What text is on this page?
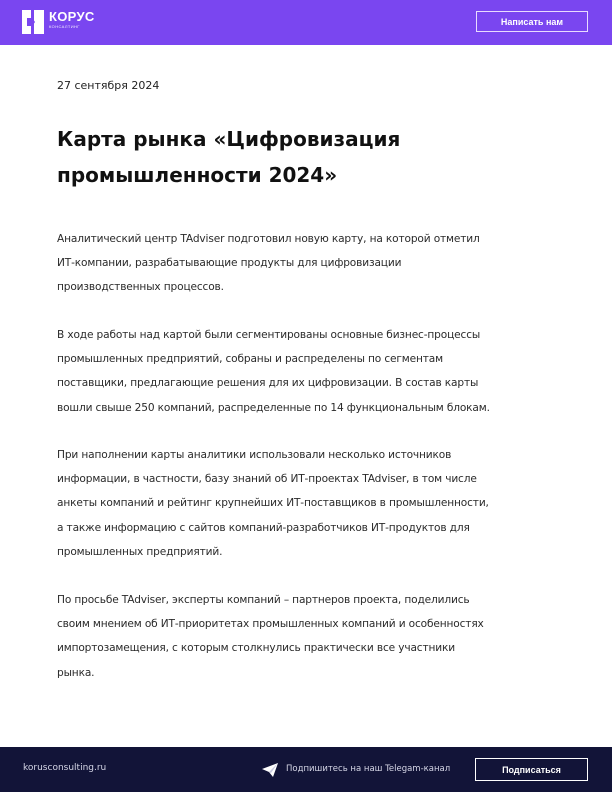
КОРУС
КОНСАЛТИНГ	Написать нам
27 сентября 2024
Карта рынка «Цифровизация
промышленности 2024»

Аналитический центр TAdviser подготовил новую карту, на которой отметил
ИТ-компании, разрабатывающие продукты для цифровизации
производственных процессов.

В ходе работы над картой были сегментированы основные бизнес-процессы
промышленных предприятий, собраны и распределены по сегментам
поставщики, предлагающие решения для их цифровизации. В состав карты
вошли свыше 250 компаний, распределенные по 14 функциональным блокам.

При наполнении карты аналитики использовали несколько источников
информации, в частности, базу знаний об ИТ-проектах TAdviser, в том числе
анкеты компаний и рейтинг крупнейших ИТ-поставщиков в промышленности,
а также информацию с сайтов компаний-разработчиков ИТ-продуктов для
промышленных предприятий.

По просьбе TAdviser, эксперты компаний – партнеров проекта, поделились
своим мнением об ИТ-приоритетах промышленных компаний и особенностях
импортозамещения, с которым столкнулись практически все участники
рынка.

korusconsulting.ru	Подпишитесь на наш Telegam-канал	Подписаться
